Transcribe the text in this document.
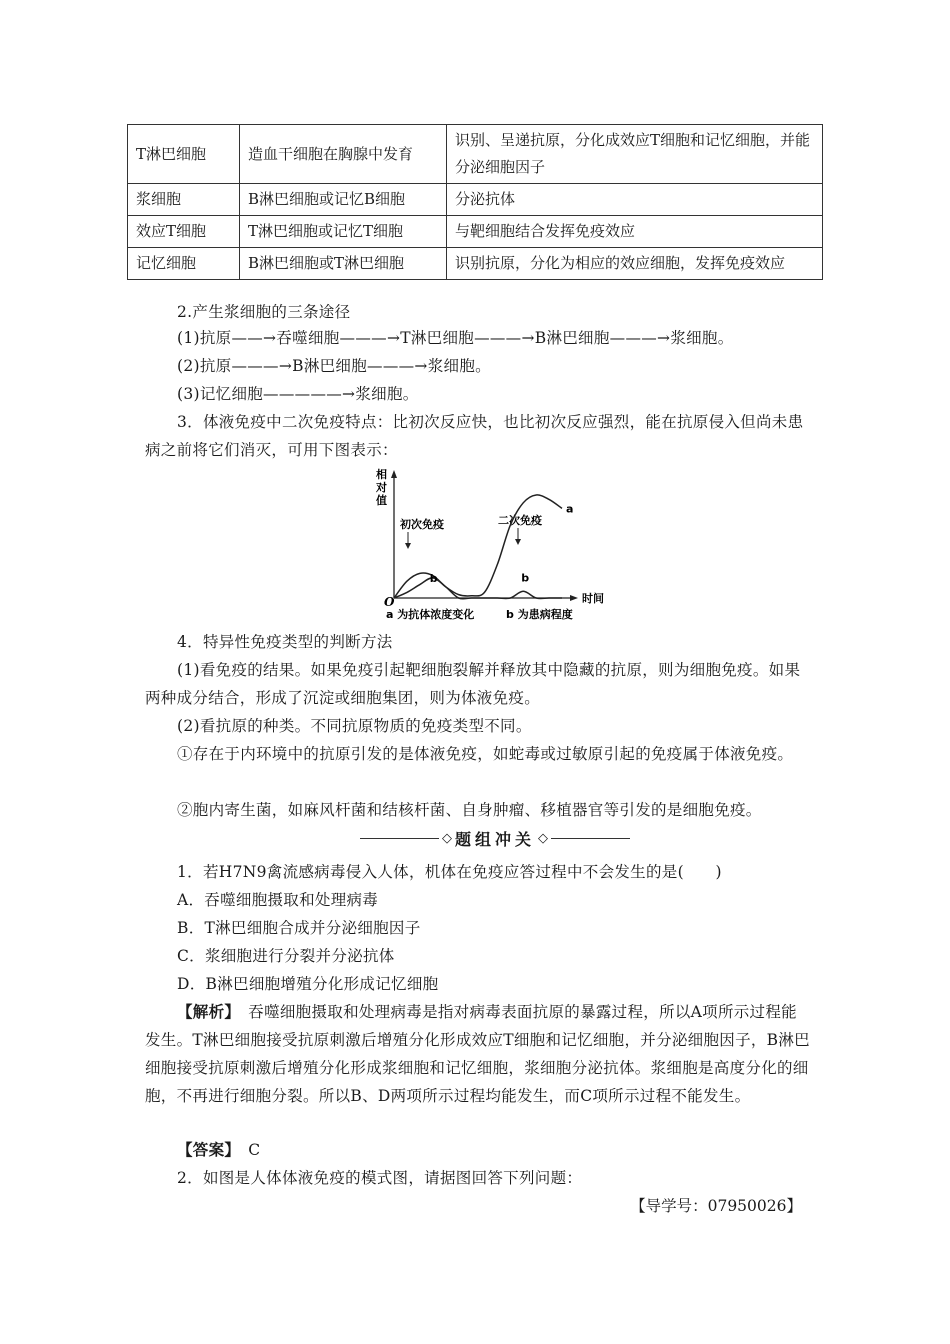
T淋巴细胞	造血干细胞在胸腺中发育	识别、呈递抗原，分化成效应T细胞和记忆细胞，并能分泌细胞因子
浆细胞	B淋巴细胞或记忆B细胞	分泌抗体
效应T细胞	T淋巴细胞或记忆T细胞	与靶细胞结合发挥免疫效应
记忆细胞	B淋巴细胞或T淋巴细胞	识别抗原，分化为相应的效应细胞，发挥免疫效应
2.产生浆细胞的三条途径
(1)抗原——→吞噬细胞———→T淋巴细胞———→B淋巴细胞———→浆细胞。
(2)抗原———→B淋巴细胞———→浆细胞。
(3)记忆细胞—————→浆细胞。
3．体液免疫中二次免疫特点：比初次反应快，也比初次反应强烈，能在抗原侵入但尚未患病之前将它们消灭，可用下图表示：
相
对
值
时间
O
初次免疫	二次免疫
a
b	b
a 为抗体浓度变化	b 为患病程度
4．特异性免疫类型的判断方法
(1)看免疫的结果。如果免疫引起靶细胞裂解并释放其中隐藏的抗原，则为细胞免疫。如果两种成分结合，形成了沉淀或细胞集团，则为体液免疫。
(2)看抗原的种类。不同抗原物质的免疫类型不同。
①存在于内环境中的抗原引发的是体液免疫，如蛇毒或过敏原引起的免疫属于体液免疫。
②胞内寄生菌，如麻风杆菌和结核杆菌、自身肿瘤、移植器官等引发的是细胞免疫。
◇ 题组冲关 ◇
1．若H7N9禽流感病毒侵入人体，机体在免疫应答过程中不会发生的是(　　)
A．吞噬细胞摄取和处理病毒
B．T淋巴细胞合成并分泌细胞因子
C．浆细胞进行分裂并分泌抗体
D．B淋巴细胞增殖分化形成记忆细胞
【解析】　 吞噬细胞摄取和处理病毒是指对病毒表面抗原的暴露过程，所以A项所示过程能发生。T淋巴细胞接受抗原刺激后增殖分化形成效应T细胞和记忆细胞，并分泌细胞因子，B淋巴细胞接受抗原刺激后增殖分化形成浆细胞和记忆细胞，浆细胞分泌抗体。浆细胞是高度分化的细胞，不再进行细胞分裂。所以B、D两项所示过程均能发生，而C项所示过程不能发生。
【答案】　 C
2．如图是人体体液免疫的模式图，请据图回答下列问题：
【导学号：07950026】
